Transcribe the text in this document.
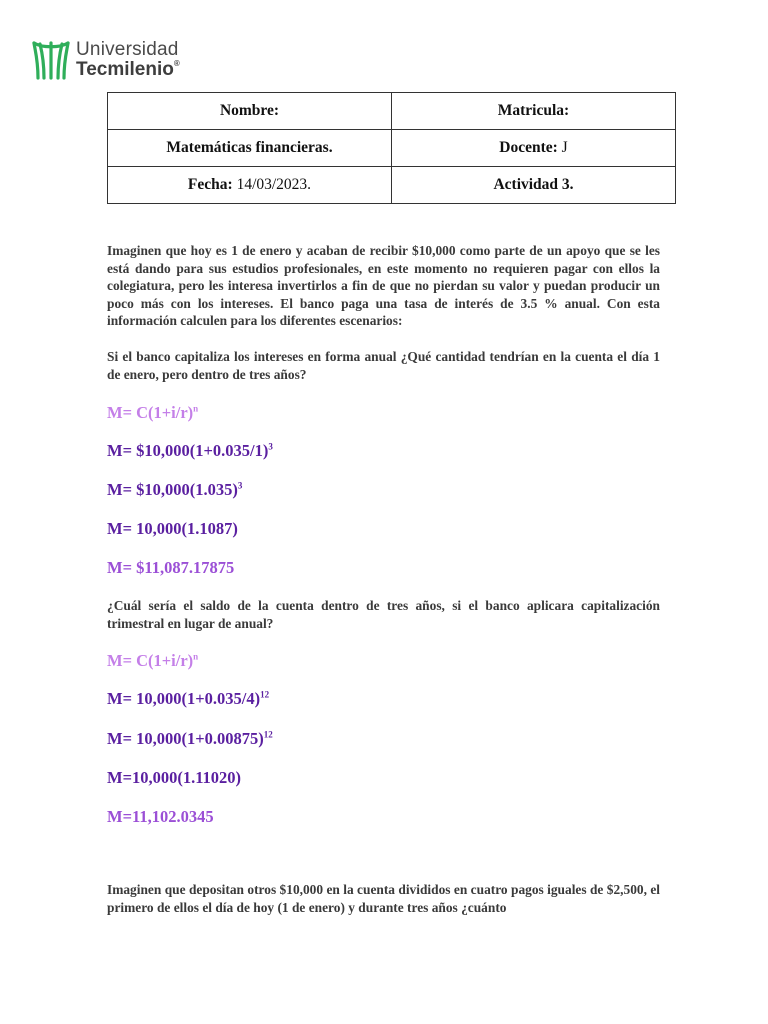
Universidad
Tecmilenio®
Nombre:	Matricula:
Matemáticas financieras.	Docente: J
Fecha: 14/03/2023.	Actividad 3.

Imaginen que hoy es 1 de enero y acaban de recibir $10,000 como parte de un apoyo que se les está dando para sus estudios profesionales, en este momento no requieren pagar con ellos la colegiatura, pero les interesa invertirlos a fin de que no pierdan su valor y puedan producir un poco más con los intereses. El banco paga una tasa de interés de 3.5 % anual. Con esta información calculen para los diferentes escenarios:

Si el banco capitaliza los intereses en forma anual ¿Qué cantidad tendrían en la cuenta el día 1 de enero, pero dentro de tres años?

$M= C(1+i/r)^n$

$M= \$10,000(1+0.035/1)^3$

$M= \$10,000(1.035)^3$

M= 10,000(1.1087)

M= $11,087.17875

¿Cuál sería el saldo de la cuenta dentro de tres años, si el banco aplicara capitalización trimestral en lugar de anual?

$M= C(1+i/r)^n$

$M= 10,000(1+0.035/4)^{12}$

$M= 10,000(1+0.00875)^{12}$

M=10,000(1.11020)

M=11,102.0345

Imaginen que depositan otros $10,000 en la cuenta divididos en cuatro pagos iguales de $2,500, el primero de ellos el día de hoy (1 de enero) y durante tres años ¿cuánto
